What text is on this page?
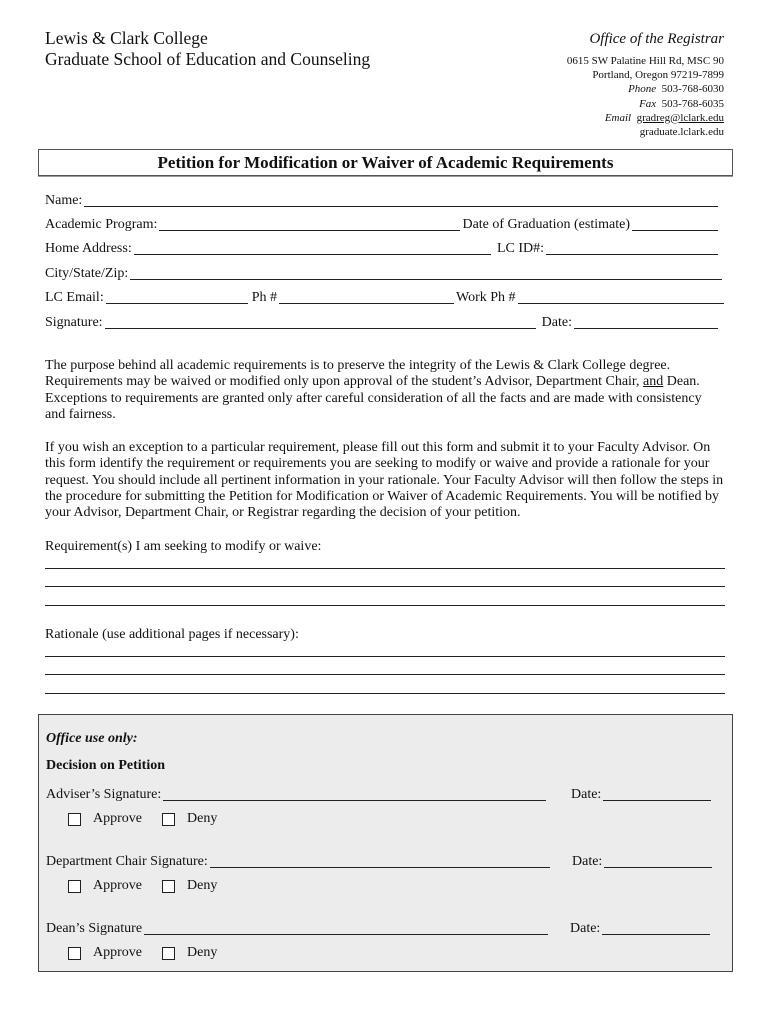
Lewis & Clark College
Graduate School of Education and Counseling
Office of the Registrar
0615 SW Palatine Hill Rd, MSC 90
Portland, Oregon 97219-7899
Phone 503-768-6030
Fax 503-768-6035
Email gradreg@lclark.edu
graduate.lclark.edu
Petition for Modification or Waiver of Academic Requirements
Name:
Academic Program:	Date of Graduation (estimate)
Home Address:	LC ID#:
City/State/Zip:
LC Email:	Ph #	Work Ph #
Signature:	Date:
The purpose behind all academic requirements is to preserve the integrity of the Lewis & Clark College degree. Requirements may be waived or modified only upon approval of the student’s Advisor, Department Chair, and Dean. Exceptions to requirements are granted only after careful consideration of all the facts and are made with consistency and fairness.
If you wish an exception to a particular requirement, please fill out this form and submit it to your Faculty Advisor. On this form identify the requirement or requirements you are seeking to modify or waive and provide a rationale for your request. You should include all pertinent information in your rationale. Your Faculty Advisor will then follow the steps in the procedure for submitting the Petition for Modification or Waiver of Academic Requirements. You will be notified by your Advisor, Department Chair, or Registrar regarding the decision of your petition.
Requirement(s) I am seeking to modify or waive:
Rationale (use additional pages if necessary):
Office use only:
Decision on Petition
Adviser’s Signature:	Date:
Approve	Deny
Department Chair Signature:	Date:
Approve	Deny
Dean’s Signature	Date:
Approve	Deny
